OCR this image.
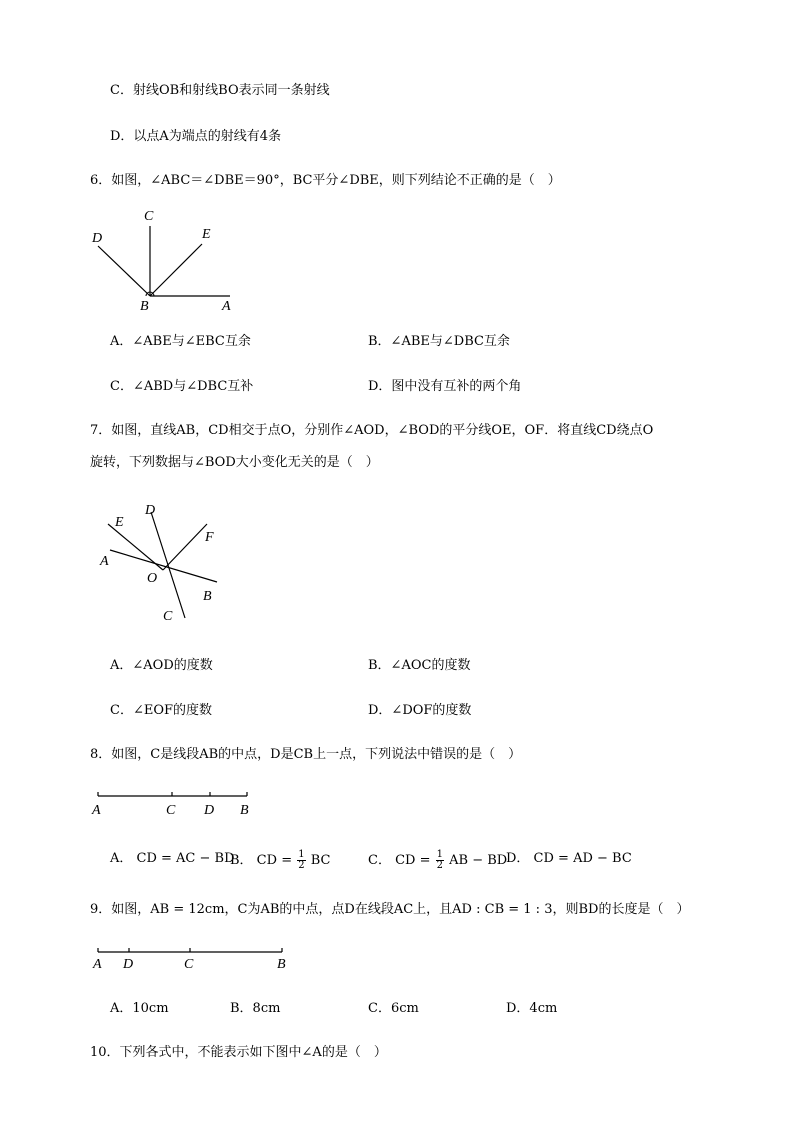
C．射线OB和射线BO表示同一条射线
D．以点A为端点的射线有4条
6．如图，∠ABC＝∠DBE＝90°，BC平分∠DBE，则下列结论不正确的是（　）
C
D	E
B	A
A．∠ABE与∠EBC互余	B．∠ABE与∠DBC互余
C．∠ABD与∠DBC互补	D．图中没有互补的两个角
7．如图，直线AB，CD相交于点O，分别作∠AOD，∠BOD的平分线OE，OF．将直线CD绕点O
旋转，下列数据与∠BOD大小变化无关的是（　）
D
E
F
A
O
B
C
A．∠AOD的度数	B．∠AOC的度数
C．∠EOF的度数	D．∠DOF的度数
8．如图，C是线段AB的中点，D是CB上一点，下列说法中错误的是（　）
A	C D B
A． CD = AC − BD
B． CD = $\frac{1}{2}$ BC	C． CD = $\frac{1}{2}$ AB − BD
D． CD = AD − BC
9．如图，AB = 12cm，C为AB的中点，点D在线段AC上，且AD : CB = 1 : 3，则BD的长度是（　）
A D	C	B
A．10cm	B．8cm	C．6cm	D．4cm
10．下列各式中，不能表示如下图中∠A的是（　）
